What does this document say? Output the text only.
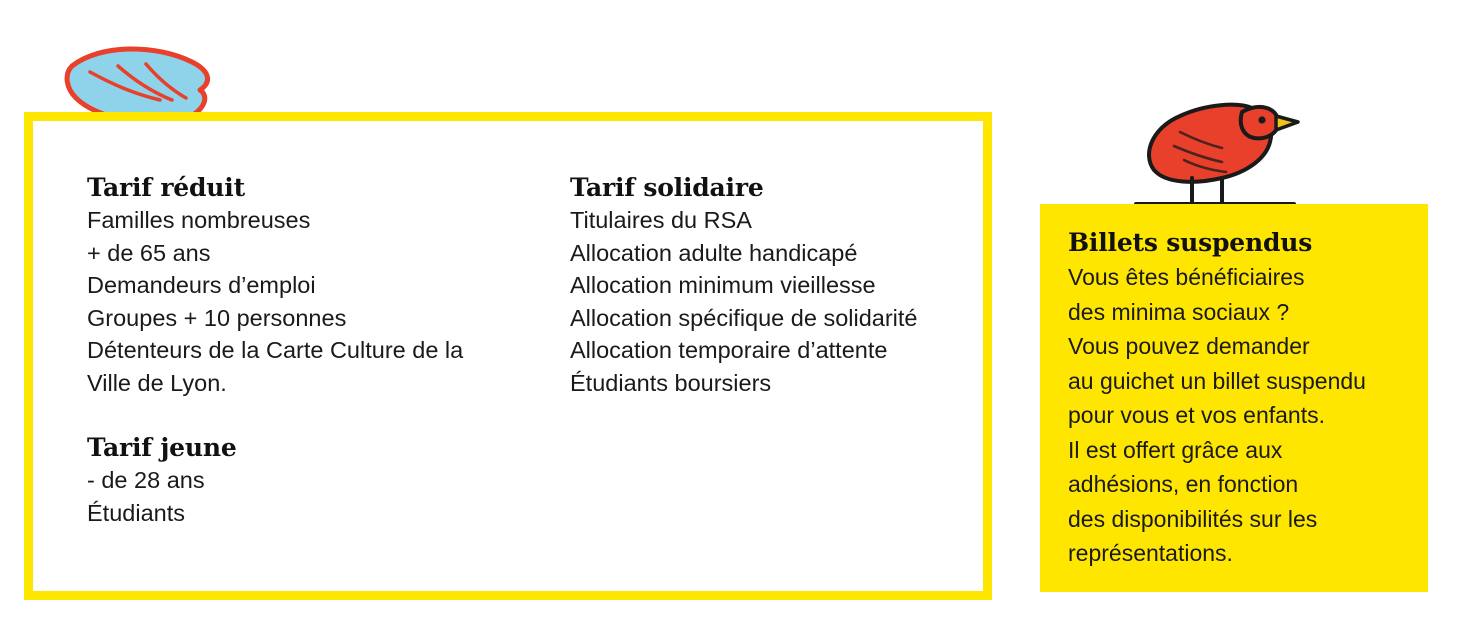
Tarif réduit
Familles nombreuses
+ de 65 ans
Demandeurs d’emploi
Groupes + 10 personnes
Détenteurs de la Carte Culture de la
Ville de Lyon.
Tarif jeune
- de 28 ans
Étudiants
Tarif solidaire
Titulaires du RSA
Allocation adulte handicapé
Allocation minimum vieillesse
Allocation spécifique de solidarité
Allocation temporaire d’attente
Étudiants boursiers
Billets suspendus
Vous êtes bénéficiaires
des minima sociaux ?
Vous pouvez demander
au guichet un billet suspendu
pour vous et vos enfants.
Il est offert grâce aux
adhésions, en fonction
des disponibilités sur les
représentations.
